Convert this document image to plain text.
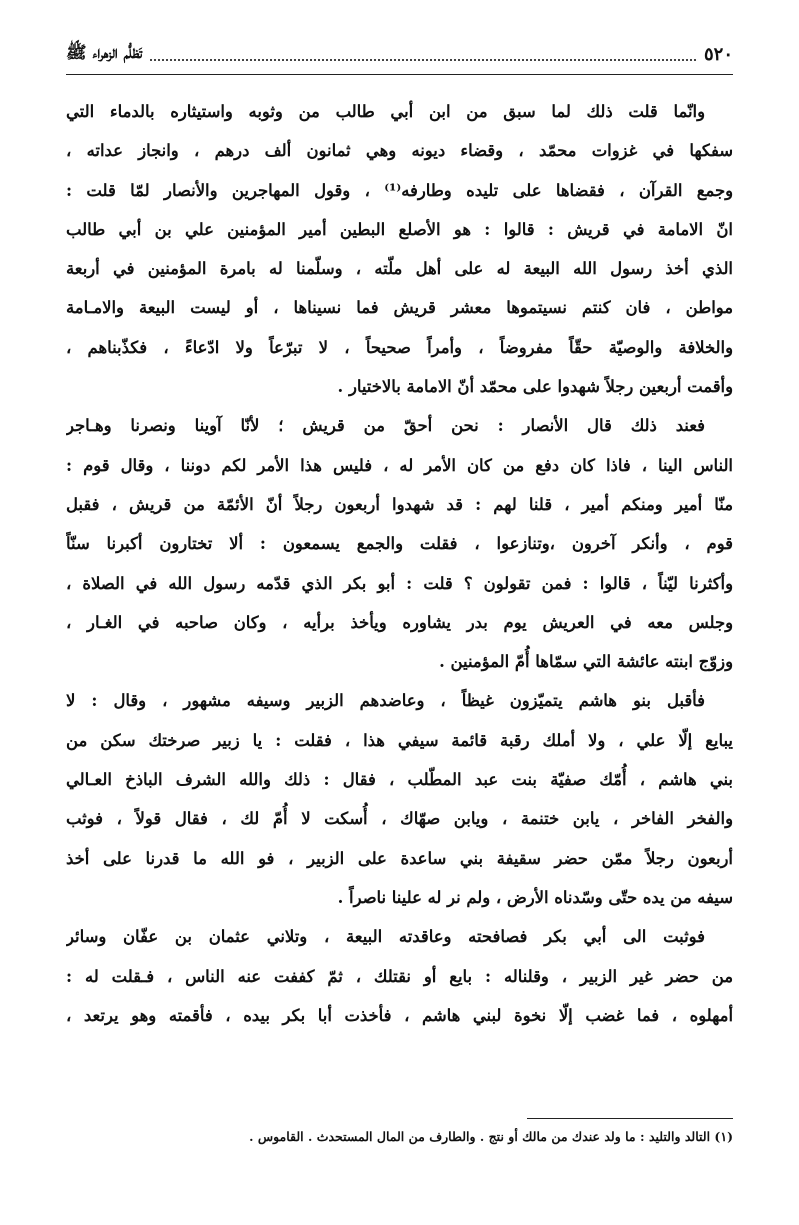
٥٢٠
تَظلُّم الزهراء ﷺ
وانّما قلت ذلك لما سبق من ابن أبي طالب من وثوبه واستيثاره بالدماء التي
سفكها في غزوات محمّد ، وقضاء ديونه وهي ثمانون ألف درهم ، وانجاز عداته ،
وجمع القرآن ، فقضاها على تليده وطارفه⁽¹⁾ ، وقول المهاجرين والأنصار لمّا قلت :
انّ الامامة في قريش : قالوا : هو الأصلع البطين أمير المؤمنين علي بن أبي طالب
الذي أخذ رسول الله البيعة له على أهل ملّته ، وسلّمنا له بامرة المؤمنين في أربعة
مواطن ، فان كنتم نسيتموها معشر قريش فما نسيناها ، أو ليست البيعة والامـامة
والخلافة والوصيّة حقّاً مفروضاً ، وأمراً صحيحاً ، لا تبرّعاً ولا ادّعاءً ، فكذّبناهم ،
وأقمت أربعين رجلاً شهدوا على محمّد أنّ الامامة بالاختيار .
فعند ذلك قال الأنصار : نحن أحقّ من قريش ؛ لأنّا آوينا ونصرنا وهـاجر
الناس الينا ، فاذا كان دفع من كان الأمر له ، فليس هذا الأمر لكم دوننا ، وقال قوم :
منّا أمير ومنكم أمير ، قلنا لهم : قد شهدوا أربعون رجلاً أنّ الأئمّة من قريش ، فقبل
قوم ، وأنكر آخرون ،وتنازعوا ، فقلت والجمع يسمعون : ألا تختارون أكبرنا سنّاً
وأكثرنا ليّناً ، قالوا : فمن تقولون ؟ قلت : أبو بكر الذي قدّمه رسول الله في الصلاة ،
وجلس معه في العريش يوم بدر يشاوره ويأخذ برأيه ، وكان صاحبه في الغـار ،
وزوّج ابنته عائشة التي سمّاها أُمّ المؤمنين .
فأقبل بنو هاشم يتميّزون غيظاً ، وعاضدهم الزبير وسيفه مشهور ، وقال : لا
يبايع إلّا علي ، ولا أملك رقبة قائمة سيفي هذا ، فقلت : يا زبير صرختك سكن من
بني هاشم ، أُمّك صفيّة بنت عبد المطّلب ، فقال : ذلك والله الشرف الباذخ العـالي
والفخر الفاخر ، يابن ختنمة ، ويابن صهّاك ، أُسكت لا أُمّ لك ، فقال قولاً ، فوثب
أربعون رجلاً ممّن حضر سقيفة بني ساعدة على الزبير ، فو الله ما قدرنا على أخذ
سيفه من يده حتّى وسّدناه الأرض ، ولم نر له علينا ناصراً .
فوثبت الى أبي بكر فصافحته وعاقدته البيعة ، وتلاني عثمان بن عفّان وسائر
من حضر غير الزبير ، وقلناله : بايع أو نقتلك ، ثمّ كففت عنه الناس ، فـقلت له :
أمهلوه ، فما غضب إلّا نخوة لبني هاشم ، فأخذت أبا بكر بيده ، فأقمته وهو يرتعد ،
(١) التالد والتليد : ما ولد عندك من مالك أو نتج . والطارف من المال المستحدث . القاموس .
